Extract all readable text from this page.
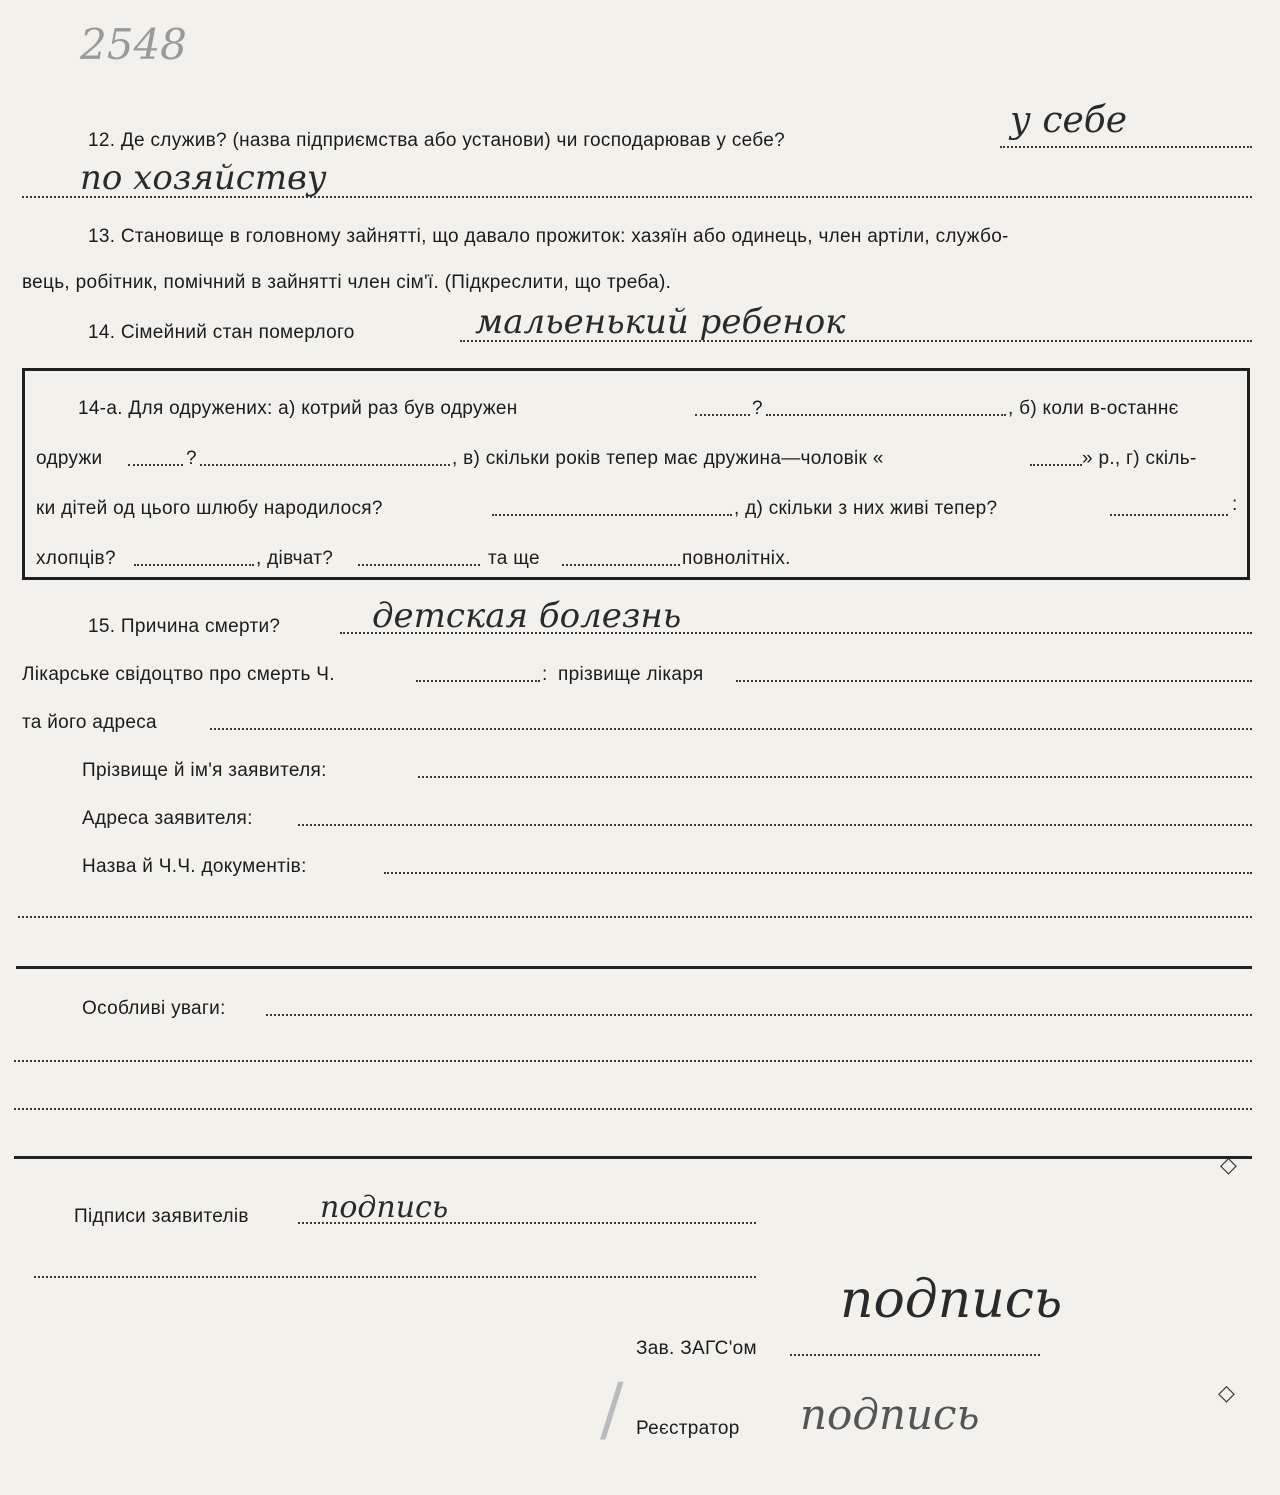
2548
12. Де служив? (назва підприємства або установи) чи господарював у себе?	у себе
по хозяйству
13. Становище в головному зайнятті, що давало прожиток: хазяїн або одинець, член артіли, службо-
вець, робітник, помічний в зайнятті член сім'ї. (Підкреслити, що треба).
14. Сімейний стан померлого	мальенький ребенок
14-а. Для одружених: а) котрий раз був одружен	?	, б) коли в-останнє
одружи	?	, в) скільки років тепер має дружина—чоловік «	» р., г) скіль-
ки дітей од цього шлюбу народилося?	, д) скільки з них живі тепер?	:
хлопців?	, дівчат?	та ще	повнолітніх.
15. Причина смерти?	детская болезнь
Лікарське свідоцтво про смерть Ч.	: прізвище лікаря
та його адреса
Прізвище й ім'я заявителя:
Адреса заявителя:
Назва й Ч.Ч. документів:
Особливі уваги:
◇
Підписи заявителів подпись
Зав. ЗАГС'ом
подпись
Реєстратор подпись
/	◇
